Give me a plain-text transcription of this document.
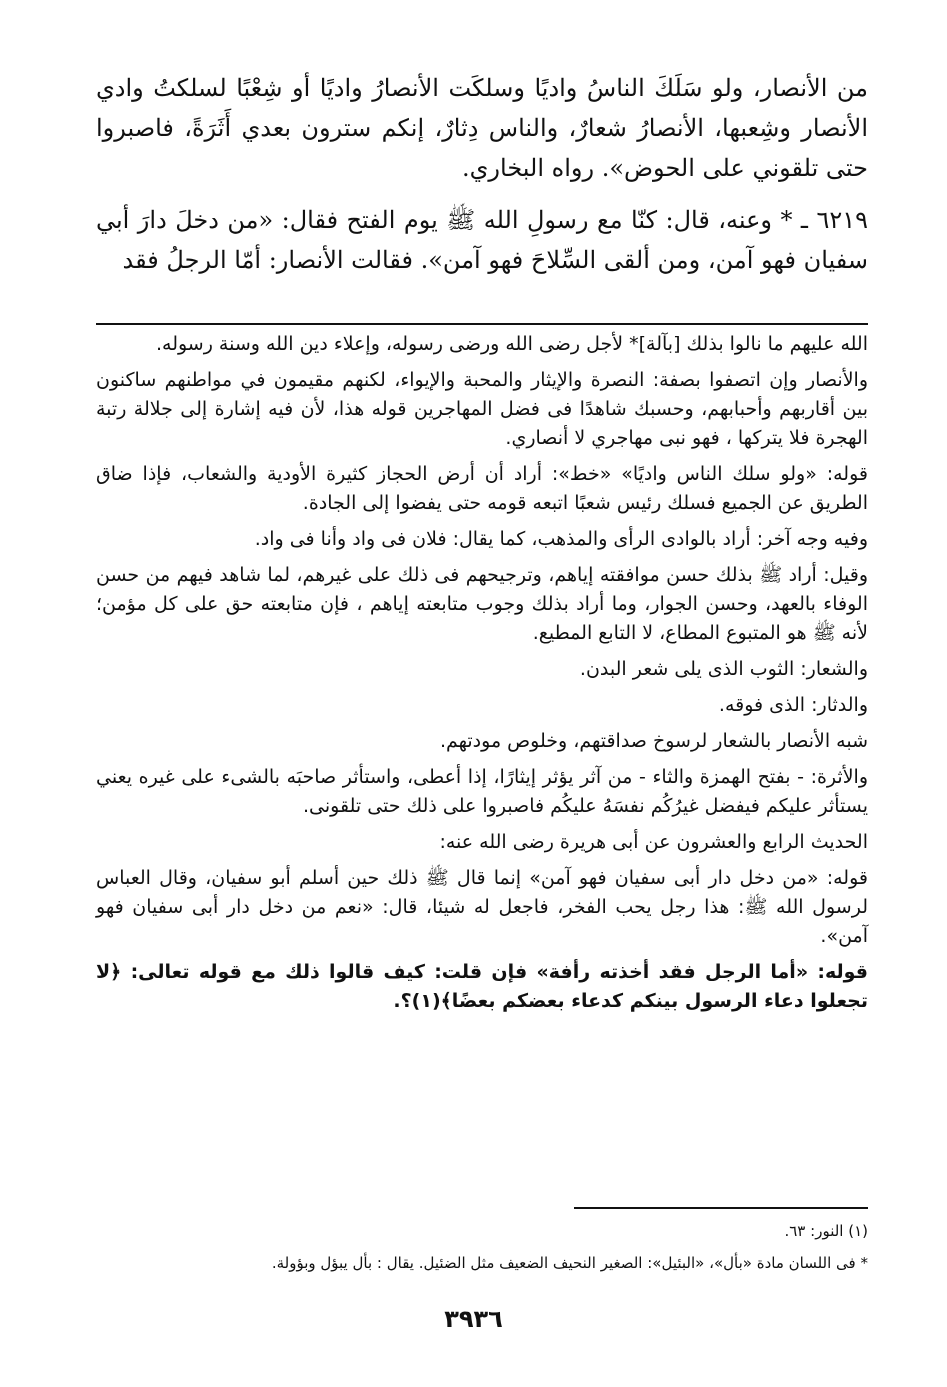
من الأنصار، ولو سَلَكَ الناسُ واديًا وسلكَت الأنصارُ واديًا أو شِعْبًا لسلكتُ وادي الأنصار وشِعبها، الأنصارُ شعارٌ، والناس دِثارٌ، إنكم سترون بعدي أَثَرَةً، فاصبروا حتى تلقوني على الحوض». رواه البخاري.

٦٢١٩ ـ * وعنه، قال: كنّا مع رسولِ الله ﷺ يوم الفتح فقال: «من دخلَ دارَ أبي سفيان فهو آمن، ومن ألقى السِّلاحَ فهو آمن». فقالت الأنصار: أمّا الرجلُ فقد

الله عليهم ما نالوا بذلك [بآلة]* لأجل رضى الله ورضى رسوله، وإعلاء دين الله وسنة رسوله.

والأنصار وإن اتصفوا بصفة: النصرة والإيثار والمحبة والإيواء، لكنهم مقيمون في مواطنهم ساكنون بين أقاربهم وأحبابهم، وحسبك شاهدًا فى فضل المهاجرين قوله هذا، لأن فيه إشارة إلى جلالة رتبة الهجرة فلا يتركها ، فهو نبى مهاجري لا أنصاري.

قوله: «ولو سلك الناس واديًا» «خط»: أراد أن أرض الحجاز كثيرة الأودية والشعاب، فإذا ضاق الطريق عن الجميع فسلك رئيس شعبًا اتبعه قومه حتى يفضوا إلى الجادة.

وفيه وجه آخر: أراد بالوادى الرأى والمذهب، كما يقال: فلان فى واد وأنا فى واد.

وقيل: أراد ﷺ بذلك حسن موافقته إياهم، وترجيحهم فى ذلك على غيرهم، لما شاهد فيهم من حسن الوفاء بالعهد، وحسن الجوار، وما أراد بذلك وجوب متابعته إياهم ، فإن متابعته حق على كل مؤمن؛ لأنه ﷺ هو المتبوع المطاع، لا التابع المطيع.

والشعار: الثوب الذى يلى شعر البدن.

والدثار: الذى فوقه.

شبه الأنصار بالشعار لرسوخ صداقتهم، وخلوص مودتهم.

والأثرة: - بفتح الهمزة والثاء - من آثر يؤثر إيثارًا، إذا أعطى، واستأثر صاحبَه بالشىء على غيره يعني يستأثر عليكم فيفضل غيرُكُم نفسَهُ عليكُم فاصبروا على ذلك حتى تلقونى.

الحديث الرابع والعشرون عن أبى هريرة رضى الله عنه:

قوله: «من دخل دار أبى سفيان فهو آمن» إنما قال ﷺ ذلك حين أسلم أبو سفيان، وقال العباس لرسول الله ﷺ: هذا رجل يحب الفخر، فاجعل له شيئا، قال: «نعم من دخل دار أبى سفيان فهو آمن».

قوله: «أما الرجل فقد أخذته رأفة» فإن قلت: كيف قالوا ذلك مع قوله تعالى: ﴿لا تجعلوا دعاء الرسول بينكم كدعاء بعضكم بعضًا﴾(١)؟.

(١) النور: ٦٣.

* فى اللسان مادة «بأل»، «البئيل»: الصغير النحيف الضعيف مثل الضئيل. يقال : بأل يبؤل وبؤولة.

٣٩٣٦
